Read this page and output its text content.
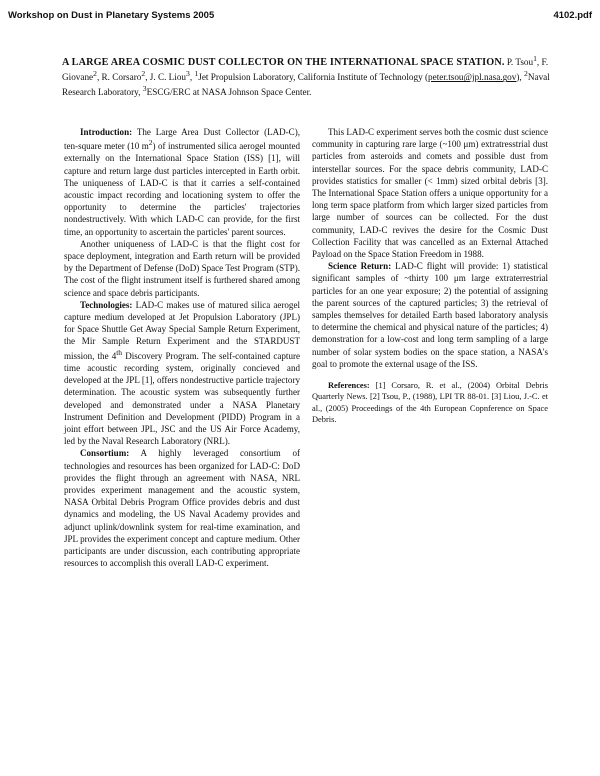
Workshop on Dust in Planetary Systems 2005	4102.pdf
A LARGE AREA COSMIC DUST COLLECTOR ON THE INTERNATIONAL SPACE STATION. P. Tsou$^1$, F. Giovane$^2$, R. Corsaro$^2$, J. C. Liou$^3$, $^1$Jet Propulsion Laboratory, California Institute of Technology (peter.tsou@jpl.nasa.gov), $^2$Naval Research Laboratory, $^3$ESCG/ERC at NASA Johnson Space Center.

Introduction: The Large Area Dust Collector (LAD-C), ten-square meter (10 $m^2$) of instrumented silica aerogel mounted externally on the International Space Station (ISS) [1], will capture and return large dust particles intercepted in Earth orbit. The uniqueness of LAD-C is that it carries a self-contained acoustic impact recording and locationing system to offer the opportunity to determine the particles' trajectories nondestructively. With which LAD-C can provide, for the first time, an opportunity to ascertain the particles' parent sources.

Another uniqueness of LAD-C is that the flight cost for space deployment, integration and Earth return will be provided by the Department of Defense (DoD) Space Test Program (STP). The cost of the flight instrument itself is furthered shared among science and space debris participants.

Technologies: LAD-C makes use of matured silica aerogel capture medium developed at Jet Propulsion Laboratory (JPL) for Space Shuttle Get Away Special Sample Return Experiment, the Mir Sample Return Experiment and the STARDUST mission, the 4th Discovery Program. The self-contained capture time acoustic recording system, originally concieved and developed at the JPL [1], offers nondestructive particle trajectory determination. The acoustic system was subsequently further developed and demonstrated under a NASA Planetary Instrument Definition and Development (PIDD) Program in a joint effort between JPL, JSC and the US Air Force Academy, led by the Naval Research Laboratory (NRL).

Consortium: A highly leveraged consortium of technologies and resources has been organized for LAD-C: DoD provides the flight through an agreement with NASA, NRL provides experiment management and the acoustic system, NASA Orbital Debris Program Office provides debris and dust dynamics and modeling, the US Naval Academy provides and adjunct uplink/downlink system for real-time examination, and JPL provides the experiment concept and capture medium. Other participants are under discussion, each contributing appropriate resources to accomplish this overall LAD-C experiment.

This LAD-C experiment serves both the cosmic dust science community in capturing rare large (~100 μm) extratresstrial dust particles from asteroids and comets and possible dust from interstellar sources. For the space debris community, LAD-C provides statistics for smaller (< 1mm) sized orbital debris [3]. The International Space Station offers a unique opportunity for a long term space platform from which larger sized particles from large number of sources can be collected. For the dust community, LAD-C revives the desire for the Cosmic Dust Collection Facility that was cancelled as an External Attached Payload on the Space Station Freedom in 1988.

Science Return: LAD-C flight will provide: 1) statistical significant samples of ~thirty 100 μm large extraterrestrial particles for an one year exposure; 2) the potential of assigning the parent sources of the captured particles; 3) the retrieval of samples themselves for detailed Earth based laboratory analysis to determine the chemical and physical nature of the particles; 4) demonstration for a low-cost and long term sampling of a large number of solar system bodies on the space station, a NASA's goal to promote the external usage of the ISS.

References: [1] Corsaro, R. et al., (2004) Orbital Debris Quarterly News. [2] Tsou, P., (1988), LPI TR 88-01. [3] Liou, J.-C. et al., (2005) Proceedings of the 4th European Copnference on Space Debris.
